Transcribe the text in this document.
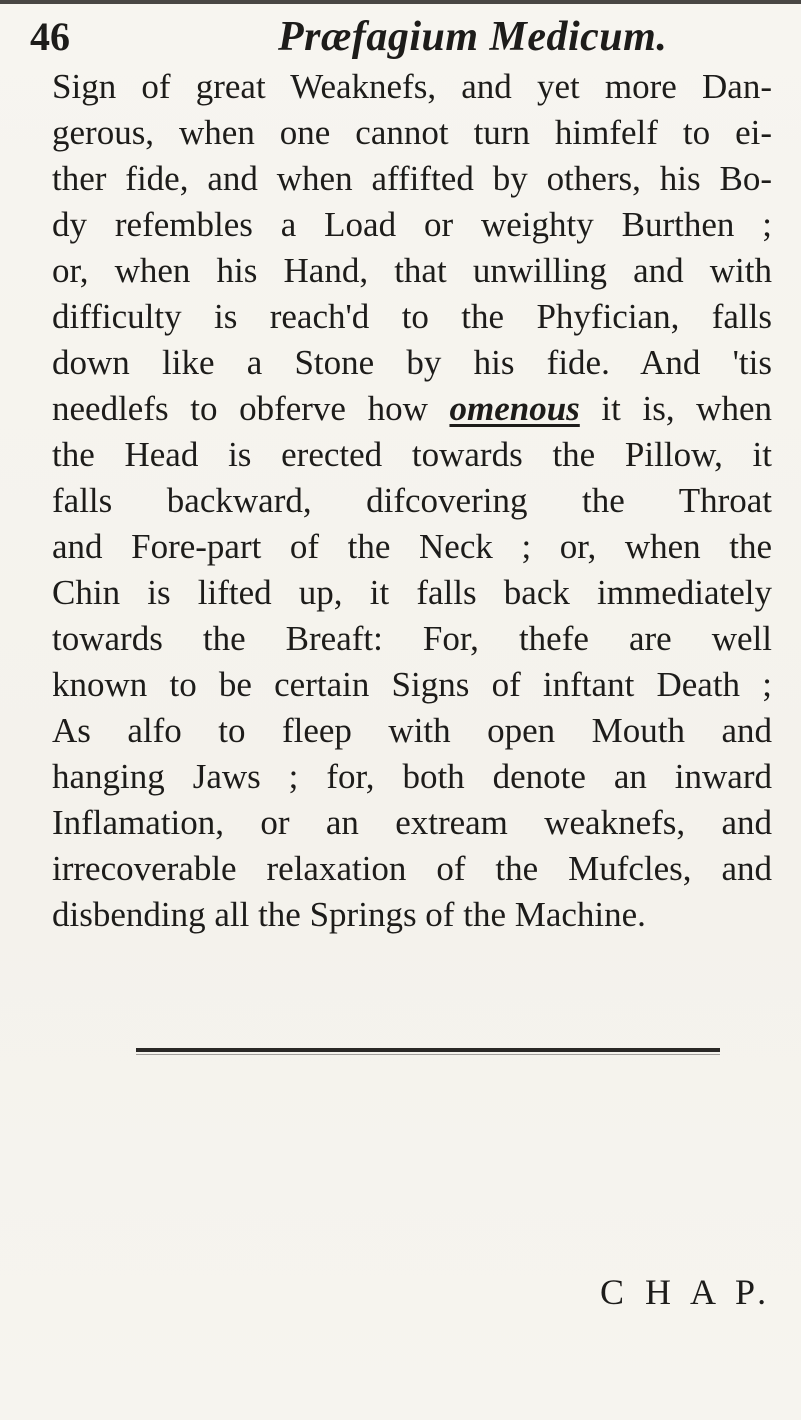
46	Præfagium Medicum.
Sign of great Weaknefs, and yet more Dan-
gerous, when one cannot turn himfelf to ei-
ther fide, and when affifted by others, his Bo-
dy refembles a Load or weighty Burthen ;
or, when his Hand, that unwilling and with
difficulty is reach'd to the Phyfician, falls
down like a Stone by his fide. And 'tis
needlefs to obferve how omenous it is, when
the Head is erected towards the Pillow, it
falls backward, difcovering the Throat
and Fore-part of the Neck ; or, when the
Chin is lifted up, it falls back immediately
towards the Breaft: For, thefe are well
known to be certain Signs of inftant Death ;
As alfo to fleep with open Mouth and
hanging Jaws ; for, both denote an inward
Inflamation, or an extream weaknefs, and
irrecoverable relaxation of the Mufcles, and
disbending all the Springs of the Machine.
C H A P.
